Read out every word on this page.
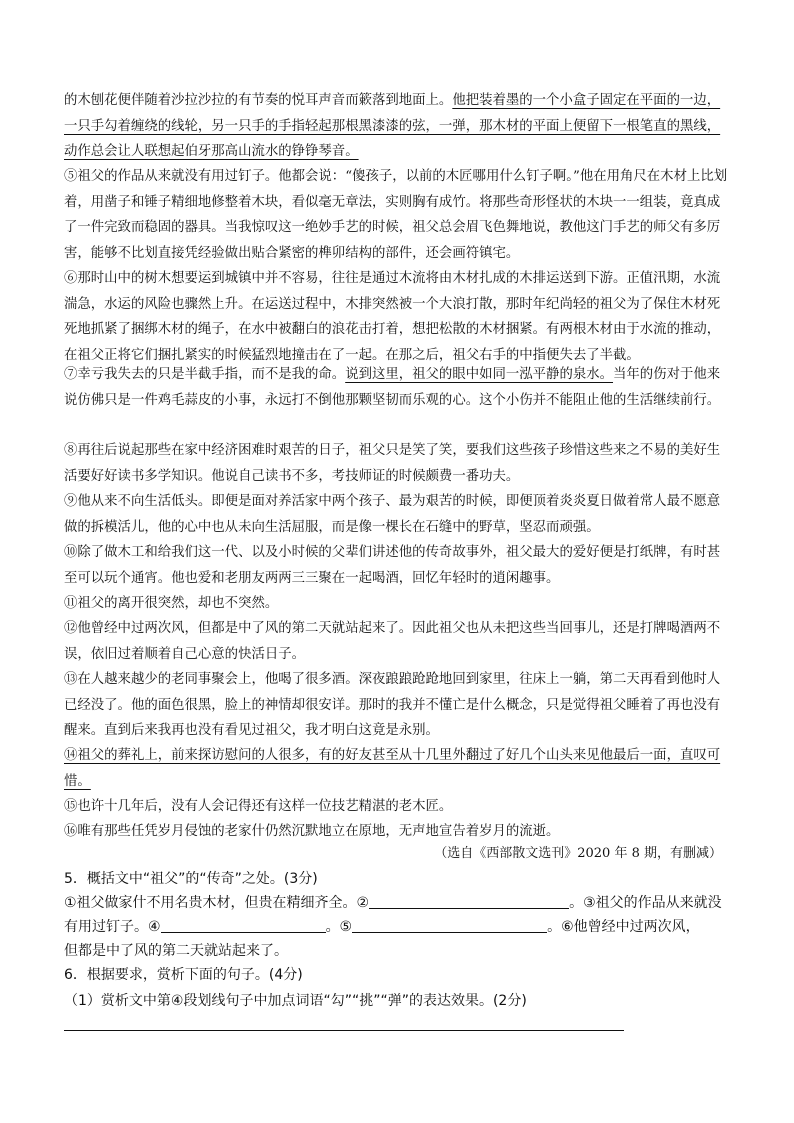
的木刨花便伴随着沙拉沙拉的有节奏的悦耳声音而簌落到地面上。他把装着墨的一个小盒子固定在平面的一边，一只手勾着缠绕的线轮，另一只手的手指轻起那根黑漆漆的弦，一弹，那木材的平面上便留下一根笔直的黑线，动作总会让人联想起伯牙那高山流水的铮铮琴音。

⑤祖父的作品从来就没有用过钉子。他都会说：“傻孩子，以前的木匠哪用什么钉子啊。”他在用角尺在木材上比划着，用凿子和锤子精细地修整着木块，看似毫无章法，实则胸有成竹。将那些奇形怪状的木块一一组装，竟真成了一件完致而稳固的器具。当我惊叹这一绝妙手艺的时候，祖父总会眉飞色舞地说，教他这门手艺的师父有多厉害，能够不比划直接凭经验做出贴合紧密的榫卯结构的部件，还会画符镇宅。

⑥那时山中的树木想要运到城镇中并不容易，往往是通过木流将由木材扎成的木排运送到下游。正值汛期，水流湍急，水运的风险也骤然上升。在运送过程中，木排突然被一个大浪打散，那时年纪尚轻的祖父为了保住木材死死地抓紧了捆绑木材的绳子，在水中被翻白的浪花击打着，想把松散的木材捆紧。有两根木材由于水流的推动，在祖父正将它们捆扎紧实的时候猛烈地撞击在了一起。在那之后，祖父右手的中指便失去了半截。

⑦幸亏我失去的只是半截手指，而不是我的命。说到这里，祖父的眼中如同一泓平静的泉水。当年的伤对于他来说仿佛只是一件鸡毛蒜皮的小事，永远打不倒他那颗坚韧而乐观的心。这个小伤并不能阻止他的生活继续前行。

⑧再往后说起那些在家中经济困难时艰苦的日子，祖父只是笑了笑，要我们这些孩子珍惜这些来之不易的美好生活要好好读书多学知识。他说自己读书不多，考技师证的时候颇费一番功夫。

⑨他从来不向生活低头。即便是面对养活家中两个孩子、最为艰苦的时候，即便顶着炎炎夏日做着常人最不愿意做的拆模活儿，他的心中也从未向生活屈服，而是像一棵长在石缝中的野草，坚忍而顽强。

⑩除了做木工和给我们这一代、以及小时候的父辈们讲述他的传奇故事外，祖父最大的爱好便是打纸牌，有时甚至可以玩个通宵。他也爱和老朋友两两三三聚在一起喝酒，回忆年轻时的逍闲趣事。

⑪祖父的离开很突然，却也不突然。

⑫他曾经中过两次风，但都是中了风的第二天就站起来了。因此祖父也从未把这些当回事儿，还是打牌喝酒两不误，依旧过着顺着自己心意的快活日子。

⑬在人越来越少的老同事聚会上，他喝了很多酒。深夜踉踉跄跄地回到家里，往床上一躺，第二天再看到他时人已经没了。他的面色很黑，脸上的神情却很安详。那时的我并不懂亡是什么概念，只是觉得祖父睡着了再也没有醒来。直到后来我再也没有看见过祖父，我才明白这竟是永别。

⑭祖父的葬礼上，前来探访慰问的人很多，有的好友甚至从十几里外翻过了好几个山头来见他最后一面，直叹可惜。

⑮也许十几年后，没有人会记得还有这样一位技艺精湛的老木匠。

⑯唯有那些任凭岁月侵蚀的老家什仍然沉默地立在原地，无声地宣告着岁月的流逝。

（选自《西部散文选刊》2020 年 8 期，有删减）

5．概括文中“祖父”的“传奇”之处。(3分)

①祖父做家什不用名贵木材，但贵在精细齐全。②	。③祖父的作品从来就没

有用过钉子。④	。⑤	。⑥他曾经中过两次风，

但都是中了风的第二天就站起来了。

6．根据要求，赏析下面的句子。(4分)

（1）赏析文中第④段划线句子中加点词语“勾”“挑”“弹”的表达效果。(2分)
